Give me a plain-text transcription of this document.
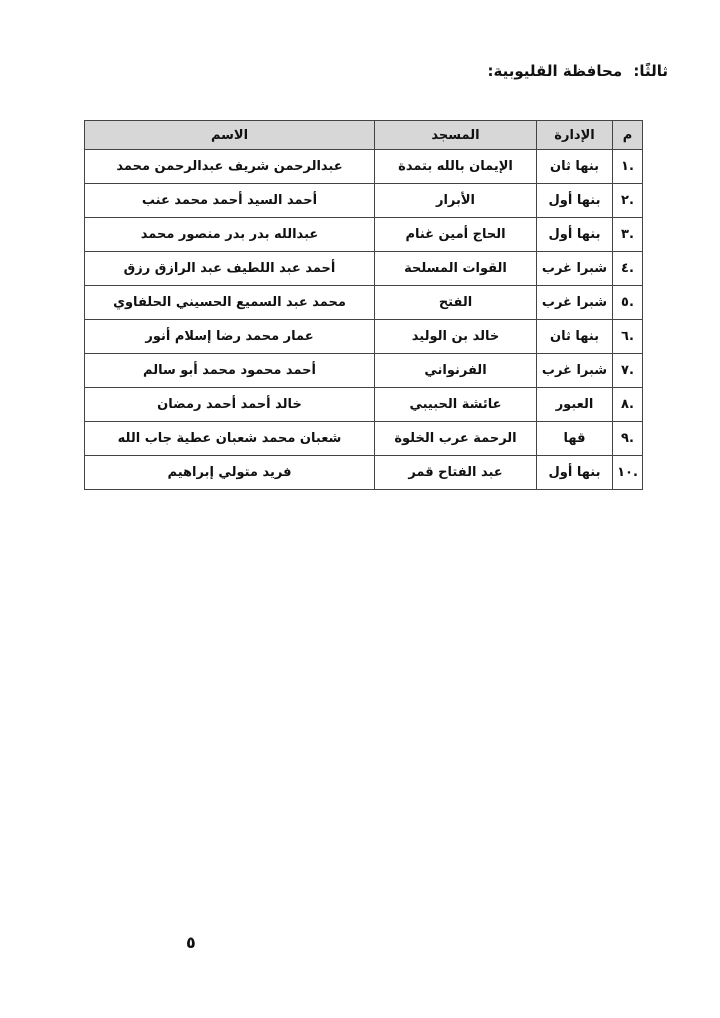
ثالثًا: محافظة القليوبية:
م	الإدارة	المسجد	الاسم
.١	بنها ثان	الإيمان بالله بتمدة	عبدالرحمن شريف عبدالرحمن محمد
.٢	بنها أول	الأبرار	أحمد السيد أحمد محمد عنب
.٣	بنها أول	الحاج أمين غنام	عبدالله بدر بدر منصور محمد
.٤	شبرا غرب	القوات المسلحة	أحمد عبد اللطيف عبد الرازق رزق
.٥	شبرا غرب	الفتح	محمد عبد السميع الحسيني الحلفاوي
.٦	بنها ثان	خالد بن الوليد	عمار محمد رضا إسلام أنور
.٧	شبرا غرب	الفرنواني	أحمد محمود محمد أبو سالم
.٨	العبور	عائشة الحبيبي	خالد أحمد أحمد رمضان
.٩	قها	الرحمة عرب الخلوة	شعبان محمد شعبان عطية جاب الله
.١٠	بنها أول	عبد الفتاح قمر	فريد متولي إبراهيم
٥
